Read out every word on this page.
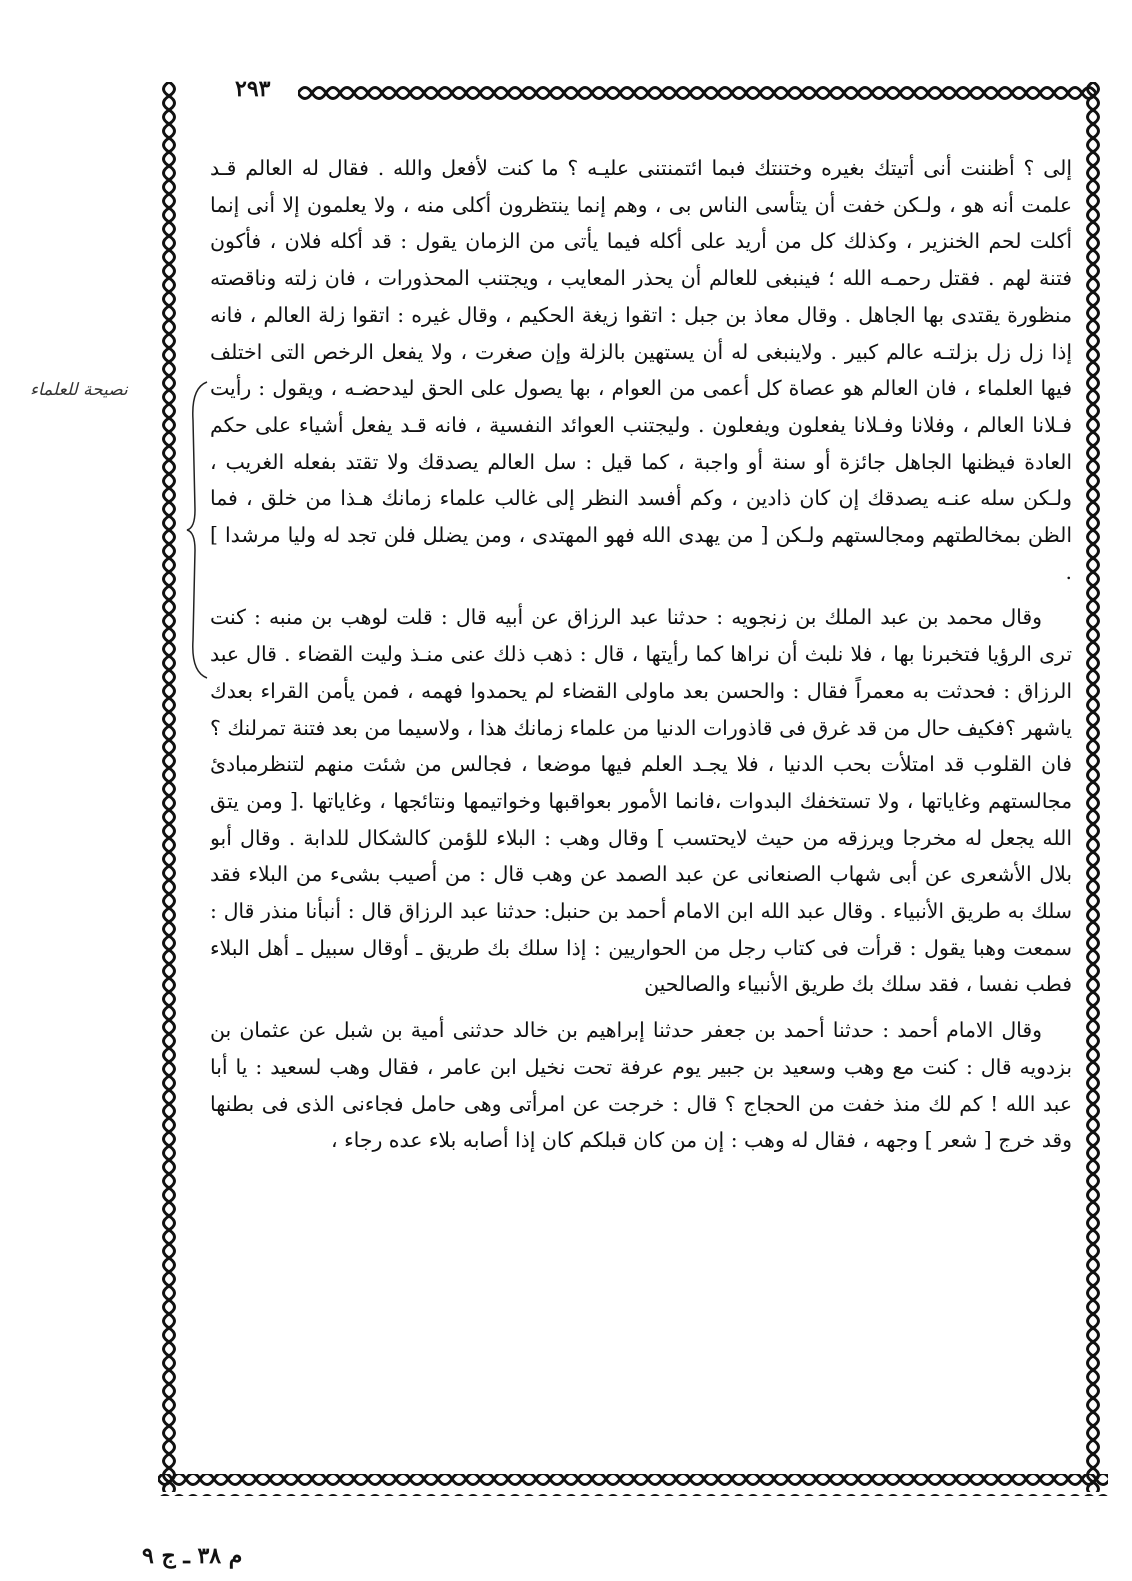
٢٩٣
نصيحة للعلماء

إلى ؟ أظننت أنى أتيتك بغيره وختنتك فبما ائتمنتنى عليـه ؟ ما كنت لأفعل والله . فقال له العالم قـد علمت أنه هو ، ولـكن خفت أن يتأسى الناس بى ، وهم إنما ينتظرون أكلى منه ، ولا يعلمون إلا أنى إنما أكلت لحم الخنزير ، وكذلك كل من أريد على أكله فيما يأتى من الزمان يقول : قد أكله فلان ، فأكون فتنة لهم . فقتل رحمـه الله ؛ فينبغى للعالم أن يحذر المعايب ، ويجتنب المحذورات ، فان زلته وناقصته منظورة يقتدى بها الجاهل . وقال معاذ بن جبل : اتقوا زيغة الحكيم ، وقال غيره : اتقوا زلة العالم ، فانه إذا زل زل بزلتـه عالم كبير . ولاينبغى له أن يستهين بالزلة وإن صغرت ، ولا يفعل الرخص التى اختلف فيها العلماء ، فان العالم هو عصاة كل أعمى من العوام ، بها يصول على الحق ليدحضـه ، ويقول : رأيت فـلانا العالم ، وفلانا وفـلانا يفعلون ويفعلون . وليجتنب العوائد النفسية ، فانه قـد يفعل أشياء على حكم العادة فيظنها الجاهل جائزة أو سنة أو واجبة ، كما قيل : سل العالم يصدقك ولا تقتد بفعله الغريب ، ولـكن سله عنـه يصدقك إن كان ذادين ، وكم أفسد النظر إلى غالب علماء زمانك هـذا من خلق ، فما الظن بمخالطتهم ومجالستهم ولـكن [ من يهدى الله فهو المهتدى ، ومن يضلل فلن تجد له وليا مرشدا ] .

وقال محمد بن عبد الملك بن زنجويه : حدثنا عبد الرزاق عن أبيه قال : قلت لوهب بن منبه : كنت ترى الرؤيا فتخبرنا بها ، فلا نلبث أن نراها كما رأيتها ، قال : ذهب ذلك عنى منـذ وليت القضاء . قال عبد الرزاق : فحدثت به معمراً فقال : والحسن بعد ماولى القضاء لم يحمدوا فهمه ، فمن يأمن القراء بعدك ياشهر ؟فكيف حال من قد غرق فى قاذورات الدنيا من علماء زمانك هذا ، ولاسيما من بعد فتنة تمرلنك ؟ فان القلوب قد امتلأت بحب الدنيا ، فلا يجـد العلم فيها موضعا ، فجالس من شئت منهم لتنظرمبادئ مجالستهم وغاياتها ، ولا تستخفك البدوات ،فانما الأمور بعواقبها وخواتيمها ونتائجها ، وغاياتها .[ ومن يتق الله يجعل له مخرجا ويرزقه من حيث لايحتسب ] وقال وهب : البلاء للؤمن كالشكال للدابة . وقال أبو بلال الأشعرى عن أبى شهاب الصنعانى عن عبد الصمد عن وهب قال : من أصيب بشىء من البلاء فقد سلك به طريق الأنبياء . وقال عبد الله ابن الامام أحمد بن حنبل: حدثنا عبد الرزاق قال : أنبأنا منذر قال : سمعت وهبا يقول : قرأت فى كتاب رجل من الحواريين : إذا سلك بك طريق ـ أوقال سبيل ـ أهل البلاء فطب نفسا ، فقد سلك بك طريق الأنبياء والصالحين

وقال الامام أحمد : حدثنا أحمد بن جعفر حدثنا إبراهيم بن خالد حدثنى أمية بن شبل عن عثمان بن بزدويه قال : كنت مع وهب وسعيد بن جبير يوم عرفة تحت نخيل ابن عامر ، فقال وهب لسعيد : يا أبا عبد الله ! كم لك منذ خفت من الحجاج ؟ قال : خرجت عن امرأتى وهى حامل فجاءنى الذى فى بطنها وقد خرج [ شعر ] وجهه ، فقال له وهب : إن من كان قبلكم كان إذا أصابه بلاء عده رجاء ،

م ٣٨ ـ ج ٩
